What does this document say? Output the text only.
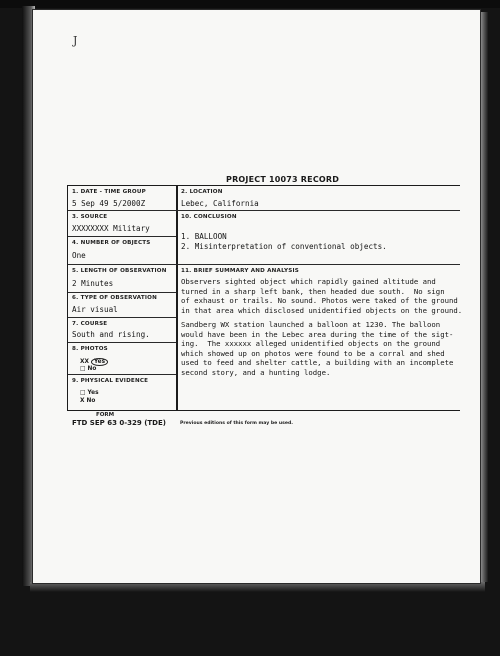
J
PROJECT 10073 RECORD
1. DATE - TIME GROUP
5 Sep 49 5/2000Z
2. LOCATION
Lebec, California
3. SOURCE
XXXXXXXX Military
10. CONCLUSION
1. BALLOON
2. Misinterpretation of conventional objects.
4. NUMBER OF OBJECTS
One
5. LENGTH OF OBSERVATION
2 Minutes
11. BRIEF SUMMARY AND ANALYSIS
Observers sighted object which rapidly gained altitude and
turned in a sharp left bank, then headed due south.  No sign
of exhaust or trails. No sound. Photos were taked of the ground
in that area which disclosed unidentified objects on the ground.
Sandberg WX station launched a balloon at 1230. The balloon
would have been in the Lebec area during the time of the sigt-
ing.  The xxxxxx alleged unidentified objects on the ground
which showed up on photos were found to be a corral and shed
used to feed and shelter cattle, a building with an incomplete
second story, and a hunting lodge.
6. TYPE OF OBSERVATION
Air visual
7. COURSE
South and rising.
8. PHOTOS
XX Yes
□ No
9. PHYSICAL EVIDENCE
□ Yes
X No
FORM
FTD SEP 63 0-329 (TDE)	Previous editions of this form may be used.
